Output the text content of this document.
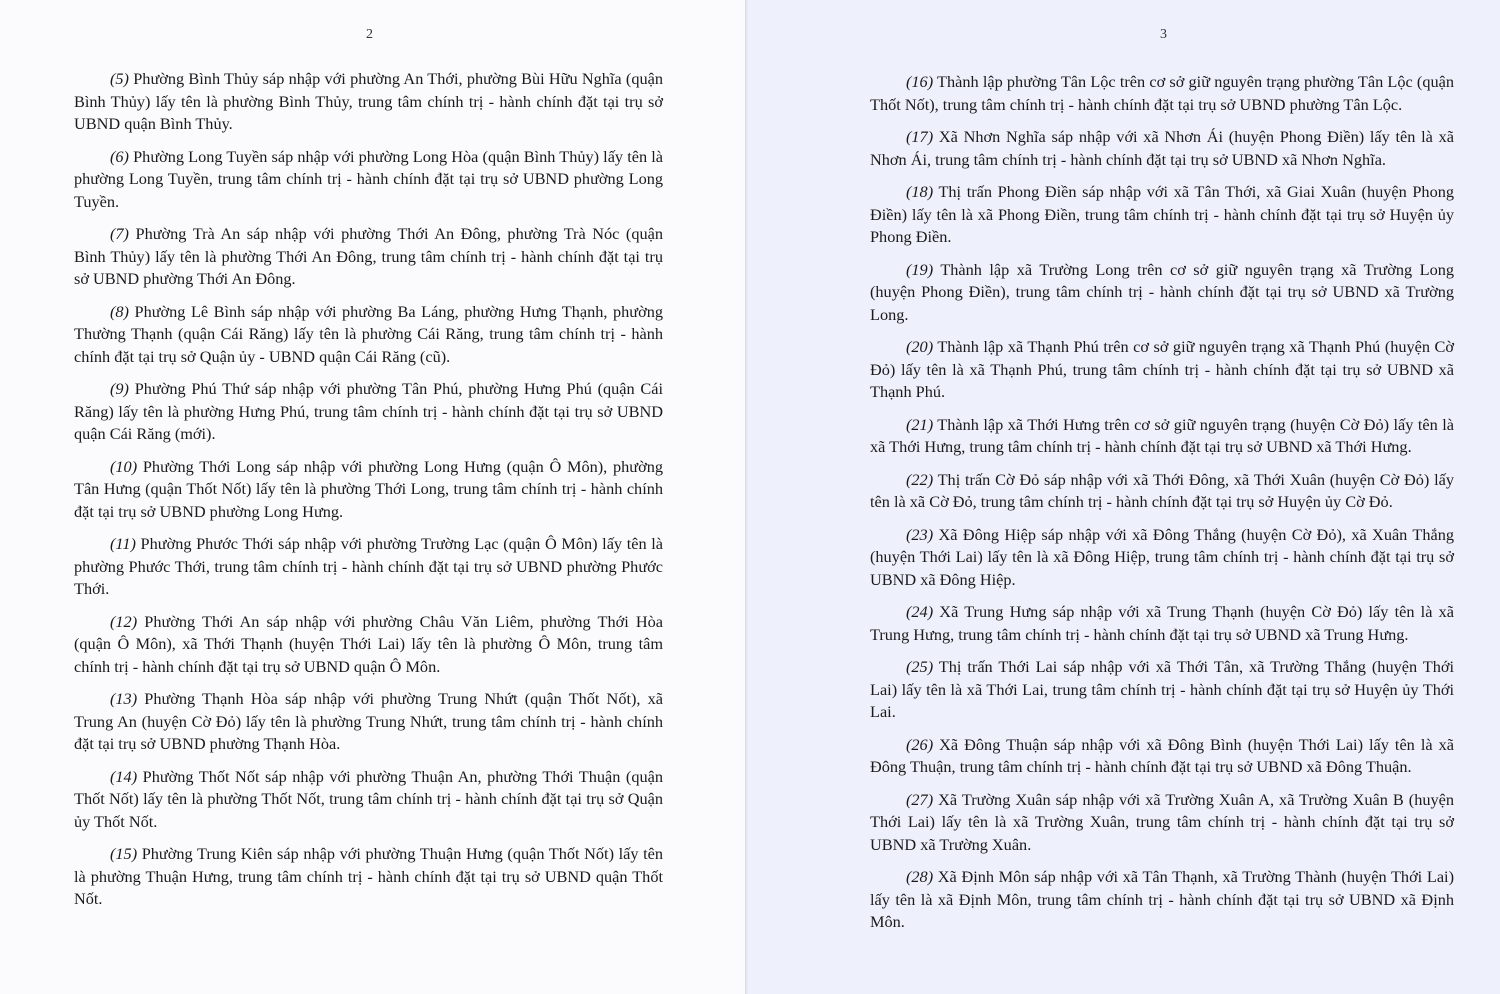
2

(5) Phường Bình Thủy sáp nhập với phường An Thới, phường Bùi Hữu Nghĩa (quận Bình Thủy) lấy tên là phường Bình Thủy, trung tâm chính trị - hành chính đặt tại trụ sở UBND quận Bình Thủy.

(6) Phường Long Tuyền sáp nhập với phường Long Hòa (quận Bình Thủy) lấy tên là phường Long Tuyền, trung tâm chính trị - hành chính đặt tại trụ sở UBND phường Long Tuyền.

(7) Phường Trà An sáp nhập với phường Thới An Đông, phường Trà Nóc (quận Bình Thủy) lấy tên là phường Thới An Đông, trung tâm chính trị - hành chính đặt tại trụ sở UBND phường Thới An Đông.

(8) Phường Lê Bình sáp nhập với phường Ba Láng, phường Hưng Thạnh, phường Thường Thạnh (quận Cái Răng) lấy tên là phường Cái Răng, trung tâm chính trị - hành chính đặt tại trụ sở Quận ủy - UBND quận Cái Răng (cũ).

(9) Phường Phú Thứ sáp nhập với phường Tân Phú, phường Hưng Phú (quận Cái Răng) lấy tên là phường Hưng Phú, trung tâm chính trị - hành chính đặt tại trụ sở UBND quận Cái Răng (mới).

(10) Phường Thới Long sáp nhập với phường Long Hưng (quận Ô Môn), phường Tân Hưng (quận Thốt Nốt) lấy tên là phường Thới Long, trung tâm chính trị - hành chính đặt tại trụ sở UBND phường Long Hưng.

(11) Phường Phước Thới sáp nhập với phường Trường Lạc (quận Ô Môn) lấy tên là phường Phước Thới, trung tâm chính trị - hành chính đặt tại trụ sở UBND phường Phước Thới.

(12) Phường Thới An sáp nhập với phường Châu Văn Liêm, phường Thới Hòa (quận Ô Môn), xã Thới Thạnh (huyện Thới Lai) lấy tên là phường Ô Môn, trung tâm chính trị - hành chính đặt tại trụ sở UBND quận Ô Môn.

(13) Phường Thạnh Hòa sáp nhập với phường Trung Nhứt (quận Thốt Nốt), xã Trung An (huyện Cờ Đỏ) lấy tên là phường Trung Nhứt, trung tâm chính trị - hành chính đặt tại trụ sở UBND phường Thạnh Hòa.

(14) Phường Thốt Nốt sáp nhập với phường Thuận An, phường Thới Thuận (quận Thốt Nốt) lấy tên là phường Thốt Nốt, trung tâm chính trị - hành chính đặt tại trụ sở Quận ủy Thốt Nốt.

(15) Phường Trung Kiên sáp nhập với phường Thuận Hưng (quận Thốt Nốt) lấy tên là phường Thuận Hưng, trung tâm chính trị - hành chính đặt tại trụ sở UBND quận Thốt Nốt.

3

(16) Thành lập phường Tân Lộc trên cơ sở giữ nguyên trạng phường Tân Lộc (quận Thốt Nốt), trung tâm chính trị - hành chính đặt tại trụ sở UBND phường Tân Lộc.

(17) Xã Nhơn Nghĩa sáp nhập với xã Nhơn Ái (huyện Phong Điền) lấy tên là xã Nhơn Ái, trung tâm chính trị - hành chính đặt tại trụ sở UBND xã Nhơn Nghĩa.

(18) Thị trấn Phong Điền sáp nhập với xã Tân Thới, xã Giai Xuân (huyện Phong Điền) lấy tên là xã Phong Điền, trung tâm chính trị - hành chính đặt tại trụ sở Huyện ủy Phong Điền.

(19) Thành lập xã Trường Long trên cơ sở giữ nguyên trạng xã Trường Long (huyện Phong Điền), trung tâm chính trị - hành chính đặt tại trụ sở UBND xã Trường Long.

(20) Thành lập xã Thạnh Phú trên cơ sở giữ nguyên trạng xã Thạnh Phú (huyện Cờ Đỏ) lấy tên là xã Thạnh Phú, trung tâm chính trị - hành chính đặt tại trụ sở UBND xã Thạnh Phú.

(21) Thành lập xã Thới Hưng trên cơ sở giữ nguyên trạng (huyện Cờ Đỏ) lấy tên là xã Thới Hưng, trung tâm chính trị - hành chính đặt tại trụ sở UBND xã Thới Hưng.

(22) Thị trấn Cờ Đỏ sáp nhập với xã Thới Đông, xã Thới Xuân (huyện Cờ Đỏ) lấy tên là xã Cờ Đỏ, trung tâm chính trị - hành chính đặt tại trụ sở Huyện ủy Cờ Đỏ.

(23) Xã Đông Hiệp sáp nhập với xã Đông Thắng (huyện Cờ Đỏ), xã Xuân Thắng (huyện Thới Lai) lấy tên là xã Đông Hiệp, trung tâm chính trị - hành chính đặt tại trụ sở UBND xã Đông Hiệp.

(24) Xã Trung Hưng sáp nhập với xã Trung Thạnh (huyện Cờ Đỏ) lấy tên là xã Trung Hưng, trung tâm chính trị - hành chính đặt tại trụ sở UBND xã Trung Hưng.

(25) Thị trấn Thới Lai sáp nhập với xã Thới Tân, xã Trường Thắng (huyện Thới Lai) lấy tên là xã Thới Lai, trung tâm chính trị - hành chính đặt tại trụ sở Huyện ủy Thới Lai.

(26) Xã Đông Thuận sáp nhập với xã Đông Bình (huyện Thới Lai) lấy tên là xã Đông Thuận, trung tâm chính trị - hành chính đặt tại trụ sở UBND xã Đông Thuận.

(27) Xã Trường Xuân sáp nhập với xã Trường Xuân A, xã Trường Xuân B (huyện Thới Lai) lấy tên là xã Trường Xuân, trung tâm chính trị - hành chính đặt tại trụ sở UBND xã Trường Xuân.

(28) Xã Định Môn sáp nhập với xã Tân Thạnh, xã Trường Thành (huyện Thới Lai) lấy tên là xã Định Môn, trung tâm chính trị - hành chính đặt tại trụ sở UBND xã Định Môn.
